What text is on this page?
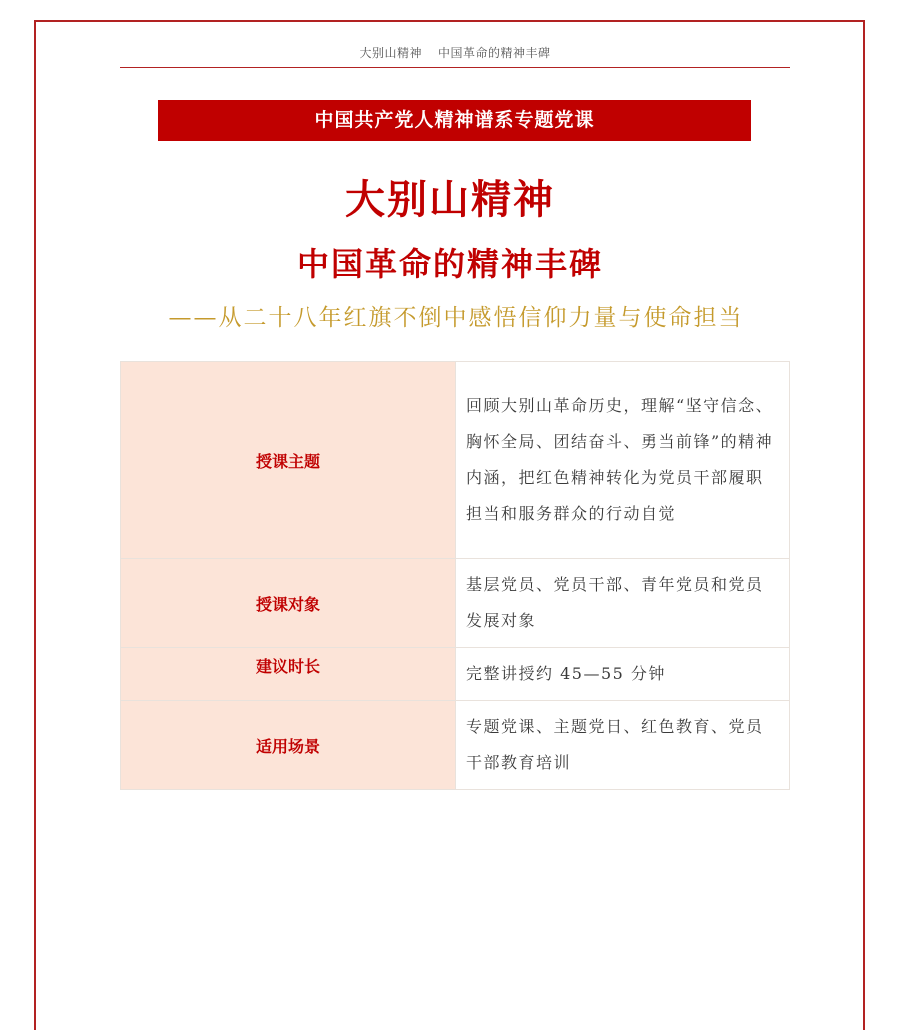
大别山精神 中国革命的精神丰碑
中国共产党人精神谱系专题党课
大别山精神
中国革命的精神丰碑
——从二十八年红旗不倒中感悟信仰力量与使命担当
授课主题	回顾大别山革命历史，理解“坚守信念、胸怀全局、团结奋斗、勇当前锋”的精神内涵，把红色精神转化为党员干部履职担当和服务群众的行动自觉
授课对象	基层党员、党员干部、青年党员和党员发展对象
建议时长	完整讲授约 45—55 分钟
适用场景	专题党课、主题党日、红色教育、党员干部教育培训
